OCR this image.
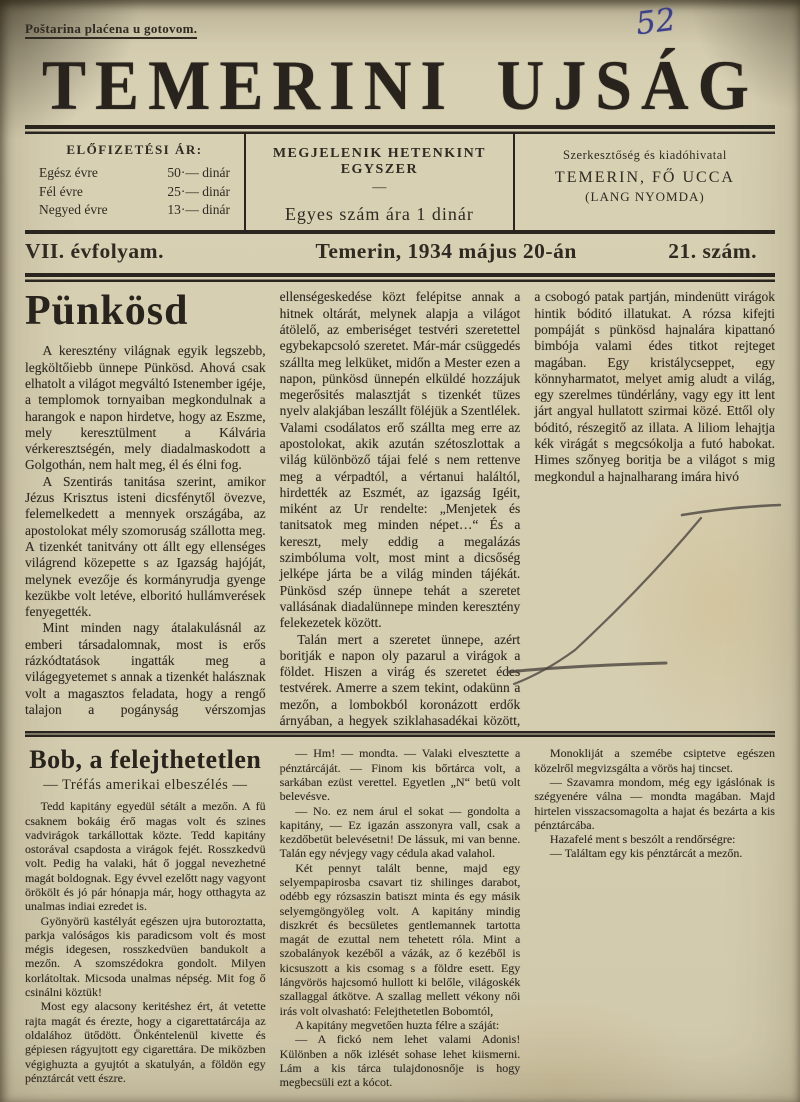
Poštarina plaćena u gotovom.	52
TEMERINI UJSÁG
ELŐFIZETÉSI ÁR:
Egész évre	50·— dinár
Fél évre	25·— dinár
Negyed évre	13·— dinár
MEGJELENIK HETENKINT EGYSZER
—
Egyes szám ára 1 dinár
Szerkesztőség és kiadóhivatal
TEMERIN, FŐ UCCA
(LANG NYOMDA)
VII. évfolyam.	Temerin, 1934 május 20-án	21. szám.
Pünkösd

A keresztény világnak egyik legszebb, legköltőiebb ünnepe Pünkösd. Ahová csak elhatolt a világot megváltó Istenember igéje, a templomok tornyaiban megkondulnak a harangok e napon hirdetve, hogy az Eszme, mely keresztülment a Kálvária vérkeresztségén, mely diadalmaskodott a Golgothán, nem halt meg, él és élni fog.

A Szentirás tanitása szerint, amikor Jézus Krisztus isteni dicsfénytől övezve, felemelkedett a mennyek országába, az apostolokat mély szomoruság szállotta meg. A tizenkét tanitvány ott állt egy ellenséges világrend közepette s az Igazság hajóját, melynek evezője és kormányrudja gyenge kezükbe volt letéve, elboritó hullámverések fenyegették.

Mint minden nagy átalakulásnál az emberi társadalomnak, most is erős rázkódtatások ingatták meg a világegyetemet s annak a tizenkét halásznak volt a magasztos feladata, hogy a rengő talajon a pogányság vérszomjas ellenségeskedése közt felépitse annak a hitnek oltárát, melynek alapja a világot átölelő, az emberiséget testvéri szeretettel egybekapcsoló szeretet. Már-már csüggedés szállta meg lelküket, midőn a Mester ezen a napon, pünkösd ünnepén elküldé hozzájuk megerősités malasztját s tizenkét tüzes nyelv alakjában leszállt föléjük a Szentlélek. Valami csodálatos erő szállta meg erre az apostolokat, akik azután szétoszlottak a világ különböző tájai felé s nem rettenve meg a vérpadtól, a vértanui haláltól, hirdették az Eszmét, az igazság Igéit, miként az Ur rendelte: „Menjetek és tanitsatok meg minden népet…“ És a kereszt, mely eddig a megalázás szimbóluma volt, most mint a dicsőség jelképe járta be a világ minden tájékát. Pünkösd szép ünnepe tehát a szeretet vallásának diadalünnepe minden keresztény felekezetek között.

Talán mert a szeretet ünnepe, azért boritják e napon oly pazarul a virágok a földet. Hiszen a virág és szeretet édes testvérek. Amerre a szem tekint, odakünn a mezőn, a lombokból koronázott erdők árnyában, a hegyek sziklahasadékai között, a csobogó patak partján, mindenütt virágok hintik bóditó illatukat. A rózsa kifejti pompáját s pünkösd hajnalára kipattanó bimbója valami édes titkot rejteget magában. Egy kristálycseppet, egy könnyharmatot, melyet amig aludt a világ, egy szerelmes tündérlány, vagy egy itt lent járt angyal hullatott szirmai közé. Ettől oly bóditó, részegitő az illata. A liliom lehajtja kék virágát s megcsókolja a futó habokat. Himes szőnyeg boritja be a világot s mig megkondul a hajnalharang imára hivó

Bob, a felejthetetlen
— Tréfás amerikai elbeszélés —

Tedd kapitány egyedül sétált a mezőn. A fü csaknem bokáig érő magas volt és szines vadvirágok tarkállottak közte. Tedd kapitány ostorával csapdosta a virágok fejét. Rosszkedvü volt. Pedig ha valaki, hát ő joggal nevezhetné magát boldognak. Egy évvel ezelőtt nagy vagyont örökölt és jó pár hónapja már, hogy otthagyta az unalmas indiai ezredet is.

Gyönyörü kastélyát egészen ujra butoroztatta, parkja valóságos kis paradicsom volt és most mégis idegesen, rosszkedvüen bandukolt a mezőn. A szomszédokra gondolt. Milyen korlátoltak. Micsoda unalmas népség. Mit fog ő csinálni köztük!

Most egy alacsony keritéshez ért, át vetette rajta magát és érezte, hogy a cigarettatárcája az oldalához ütődött. Önkéntelenül kivette és gépiesen rágyujtott egy cigarettára. De miközben végighuzta a gyujtót a skatulyán, a földön egy pénztárcát vett észre.

— Hm! — mondta. — Valaki elvesztette a pénztárcáját. — Finom kis bőrtárca volt, a sarkában ezüst verettel. Egyetlen „N“ betü volt belevésve.

— No. ez nem árul el sokat — gondolta a kapitány, — Ez igazán asszonyra vall, csak a kezdőbetüt belevésetni! De lássuk, mi van benne. Talán egy névjegy vagy cédula akad valahol.

Két pennyt talált benne, majd egy selyempapirosba csavart tiz shilinges darabot, odébb egy rózsaszin batiszt minta és egy másik selyemgöngyöleg volt. A kapitány mindig diszkrét és becsületes gentlemannek tartotta magát de ezuttal nem tehetett róla. Mint a szobalányok kezéből a vázák, az ő kezéből is kicsuszott a kis csomag s a földre esett. Egy lángvörös hajcsomó hullott ki belőle, világoskék szallaggal átkötve. A szallag mellett vékony női irás volt olvasható: Felejthetetlen Bobomtól,

A kapitány megvetően huzta félre a száját:

— A fickó nem lehet valami Adonis! Különben a nők izlését sohase lehet kiismerni. Lám a kis tárca tulajdonosnője is hogy megbecsüli ezt a kócot.

Monokliját a szemébe csiptetve egészen közelről megvizsgálta a vörös haj tincset.

— Szavamra mondom, még egy igáslónak is szégyenére válna — mondta magában. Majd hirtelen visszacsomagolta a hajat és bezárta a kis pénztárcába.

Hazafelé ment s beszólt a rendőrségre:

— Találtam egy kis pénztárcát a mezőn.
